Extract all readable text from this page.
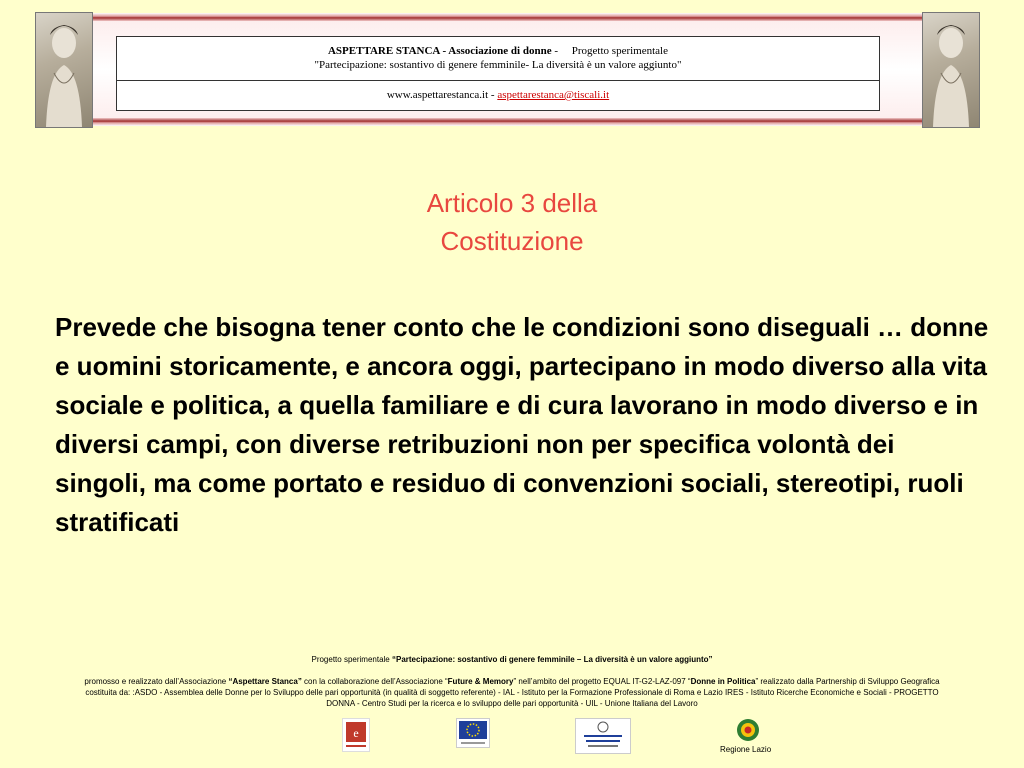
ASPETTARE STANCA - Associazione di donne -     Progetto sperimentale
"Partecipazione: sostantivo di genere femminile- La diversità è un valore aggiunto"
www.aspettarestanca.it - aspettarestanca@tiscali.it
Articolo 3 della
Costituzione

Prevede che bisogna tener conto che le condizioni sono diseguali … donne e uomini storicamente, e ancora oggi, partecipano in modo diverso alla vita sociale e politica, a quella familiare e di cura lavorano in modo diverso e in diversi campi, con diverse retribuzioni non per specifica volontà dei singoli, ma come portato e residuo di convenzioni sociali, stereotipi, ruoli stratificati

Progetto sperimentale “Partecipazione: sostantivo di genere femminile – La diversità è un valore aggiunto”
promosso e realizzato dall’Associazione “Aspettare Stanca” con la collaborazione dell’Associazione “Future & Memory” nell’ambito del progetto EQUAL IT-G2-LAZ-097 “Donne in Politica” realizzato dalla Partnership di Sviluppo Geografica costituita da: :ASDO - Assemblea delle Donne per lo Sviluppo delle pari opportunità (in qualità di soggetto referente) - IAL - Istituto per la Formazione Professionale di Roma e Lazio IRES - Istituto Ricerche Economiche e Sociali - PROGETTO DONNA - Centro Studi per la ricerca e lo sviluppo delle pari opportunità - UIL - Unione Italiana del Lavoro
e
Regione Lazio
